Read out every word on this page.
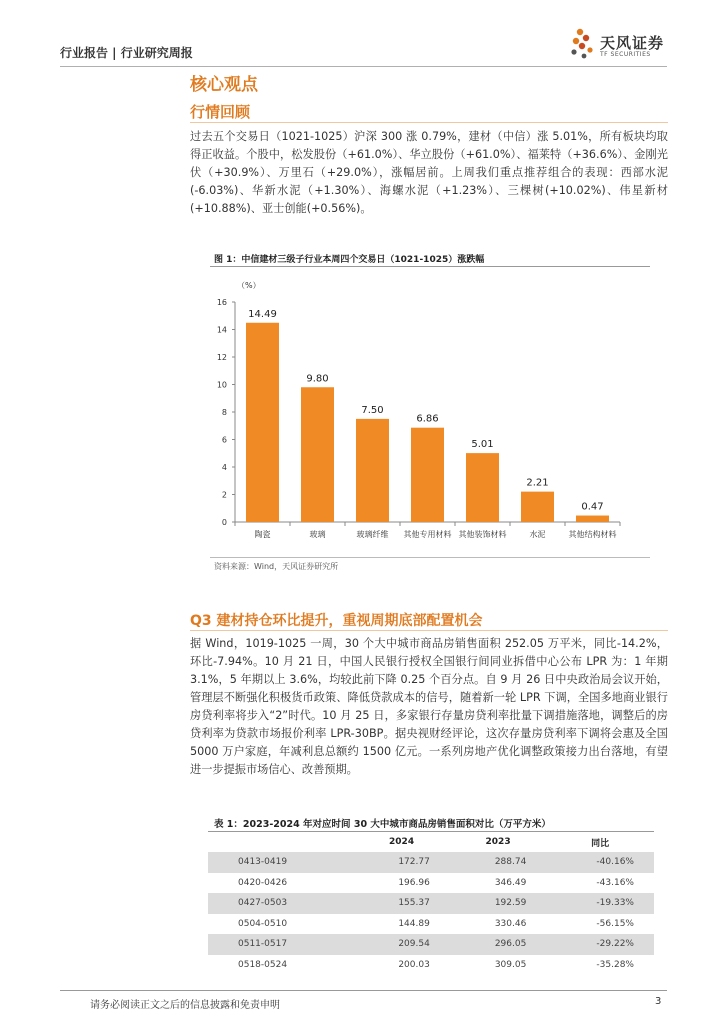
行业报告 | 行业研究周报
天风证券
TF SECURITIES
核心观点
行情回顾

过去五个交易日（1021-1025）沪深 300 涨 0.79%，建材（中信）涨 5.01%，所有板块均取得正收益。个股中，松发股份（+61.0%）、华立股份（+61.0%）、福莱特（+36.6%）、金刚光伏（+30.9%）、万里石（+29.0%），涨幅居前。上周我们重点推荐组合的表现：西部水泥(-6.03%)、华新水泥（+1.30%）、海螺水泥（+1.23%）、三棵树(+10.02%)、伟星新材(+10.88%)、亚士创能(+0.56%)。

图 1：中信建材三级子行业本周四个交易日（1021-1025）涨跌幅
（%）
0
2
4
6
8
10
12
14
16
14.49
陶瓷
9.80
玻璃
7.50
玻璃纤维
6.86
其他专用材料
5.01
其他装饰材料
2.21
水泥
0.47
其他结构材料
资料来源：Wind，天风证券研究所
Q3 建材持仓环比提升，重视周期底部配置机会

据 Wind，1019-1025 一周，30 个大中城市商品房销售面积 252.05 万平米，同比-14.2%，环比-7.94%。10 月 21 日，中国人民银行授权全国银行间同业拆借中心公布 LPR 为：1 年期 3.1%，5 年期以上 3.6%，均较此前下降 0.25 个百分点。自 9 月 26 日中央政治局会议开始，管理层不断强化积极货币政策、降低贷款成本的信号，随着新一轮 LPR 下调，全国多地商业银行房贷利率将步入“2”时代。10 月 25 日，多家银行存量房贷利率批量下调措施落地，调整后的房贷利率为贷款市场报价利率 LPR-30BP。据央视财经评论，这次存量房贷利率下调将会惠及全国 5000 万户家庭，年减利息总额约 1500 亿元。一系列房地产优化调整政策接力出台落地，有望进一步提振市场信心、改善预期。

表 1：2023-2024 年对应时间 30 大中城市商品房销售面积对比（万平方米）
	2024	2023	同比
0413-0419	172.77	288.74	-40.16%
0420-0426	196.96	346.49	-43.16%
0427-0503	155.37	192.59	-19.33%
0504-0510	144.89	330.46	-56.15%
0511-0517	209.54	296.05	-29.22%
0518-0524	200.03	309.05	-35.28%
请务必阅读正文之后的信息披露和免责申明	3
